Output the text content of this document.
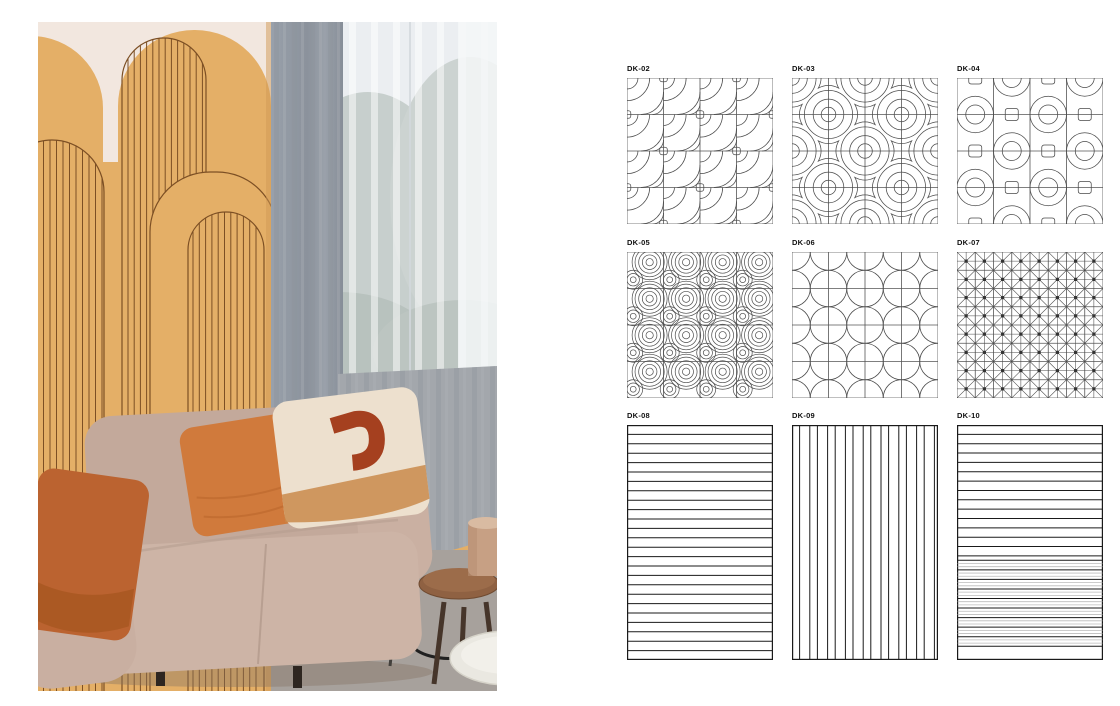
DK-02	DK-03	DK-04
DK-05	DK-06	DK-07
DK-08	DK-09	DK-10
